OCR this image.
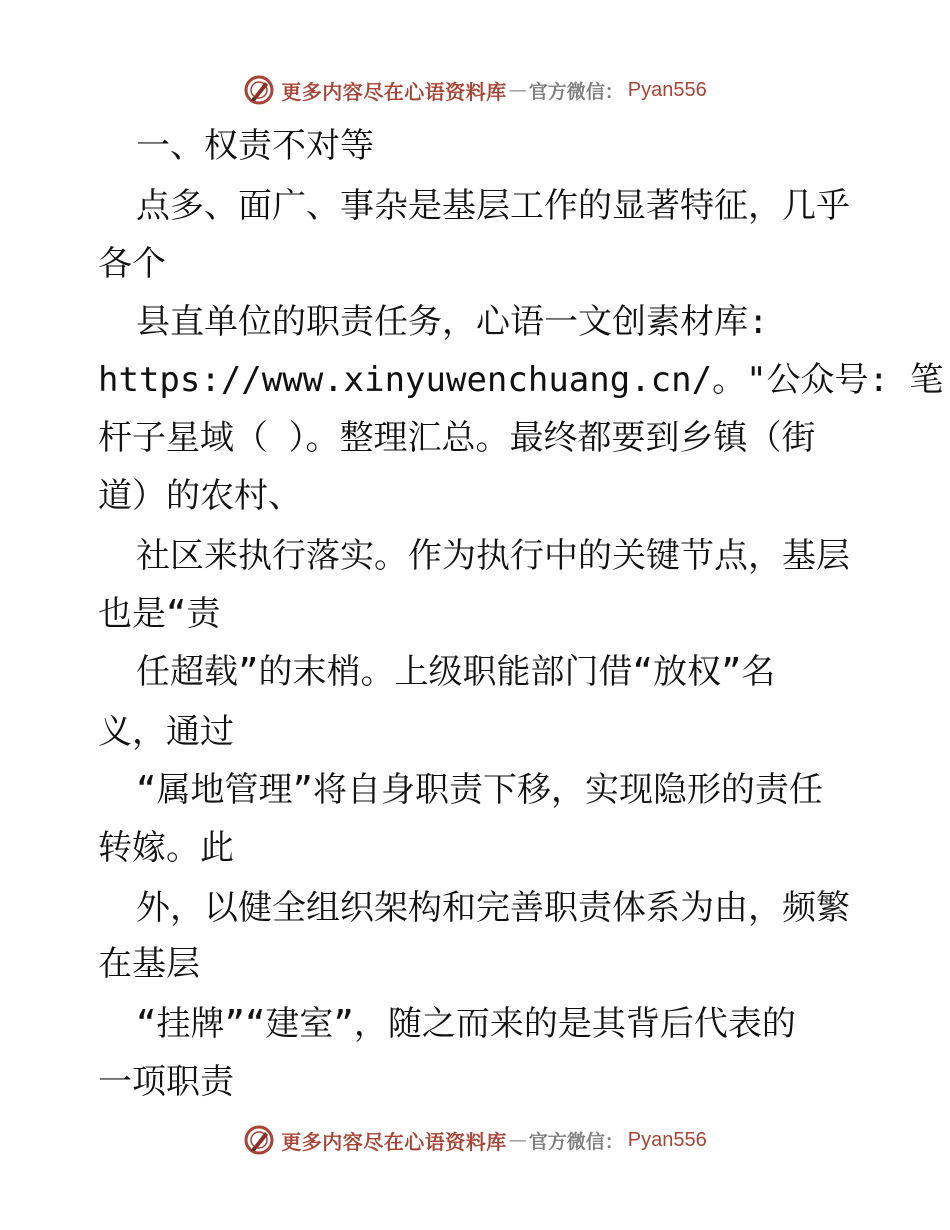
更多内容尽在心语资料库 — 官方微信： Pyan556
一、权责不对等
点多、面广、事杂是基层工作的显著特征，几乎
各个
县直单位的职责任务，心语一文创素材库:
https://www.xinyuwenchuang.cn/。"公众号: 笔
杆子星域（ ）。整理汇总。最终都要到乡镇（街
道）的农村、
社区来执行落实。作为执行中的关键节点，基层
也是“责
任超载”的末梢。上级职能部门借“放权”名
义，通过
“属地管理”将自身职责下移，实现隐形的责任
转嫁。此
外，以健全组织架构和完善职责体系为由，频繁
在基层
“挂牌”“建室”，随之而来的是其背后代表的
一项职责
更多内容尽在心语资料库 — 官方微信： Pyan556
